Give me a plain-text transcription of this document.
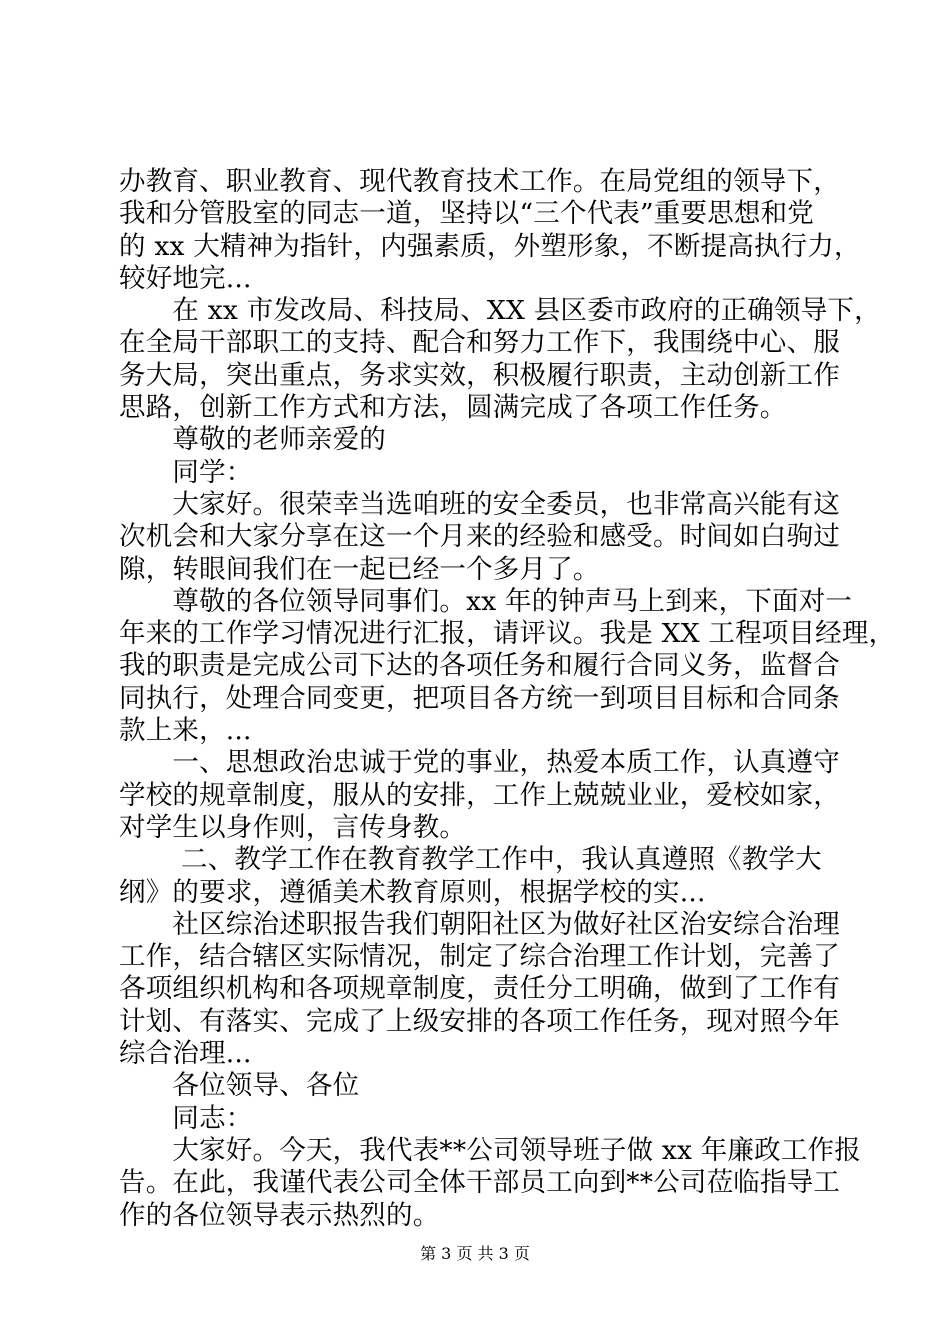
办教育、职业教育、现代教育技术工作。在局党组的领导下，
我和分管股室的同志一道，坚持以“三个代表”重要思想和党
的 xx 大精神为指针，内强素质，外塑形象，不断提高执行力，
较好地完...
　　在 xx 市发改局、科技局、XX 县区委市政府的正确领导下，
在全局干部职工的支持、配合和努力工作下，我围绕中心、服
务大局，突出重点，务求实效，积极履行职责，主动创新工作
思路，创新工作方式和方法，圆满完成了各项工作任务。
　　尊敬的老师亲爱的
　　同学：
　　大家好。很荣幸当选咱班的安全委员，也非常高兴能有这
次机会和大家分享在这一个月来的经验和感受。时间如白驹过
隙，转眼间我们在一起已经一个多月了。
　　尊敬的各位领导同事们。xx 年的钟声马上到来，下面对一
年来的工作学习情况进行汇报，请评议。我是 XX 工程项目经理，
我的职责是完成公司下达的各项任务和履行合同义务，监督合
同执行，处理合同变更，把项目各方统一到项目目标和合同条
款上来，...
　　一、思想政治忠诚于党的事业，热爱本质工作，认真遵守
学校的规章制度，服从的安排，工作上兢兢业业，爱校如家，
对学生以身作则，言传身教。
　　 二、教学工作在教育教学工作中，我认真遵照《教学大
纲》的要求，遵循美术教育原则，根据学校的实...
　　社区综治述职报告我们朝阳社区为做好社区治安综合治理
工作，结合辖区实际情况，制定了综合治理工作计划，完善了
各项组织机构和各项规章制度，责任分工明确，做到了工作有
计划、有落实、完成了上级安排的各项工作任务，现对照今年
综合治理...
　　各位领导、各位
　　同志：
　　大家好。今天，我代表**公司领导班子做 xx 年廉政工作报
告。在此，我谨代表公司全体干部员工向到**公司莅临指导工
作的各位领导表示热烈的。
第 3 页 共 3 页
